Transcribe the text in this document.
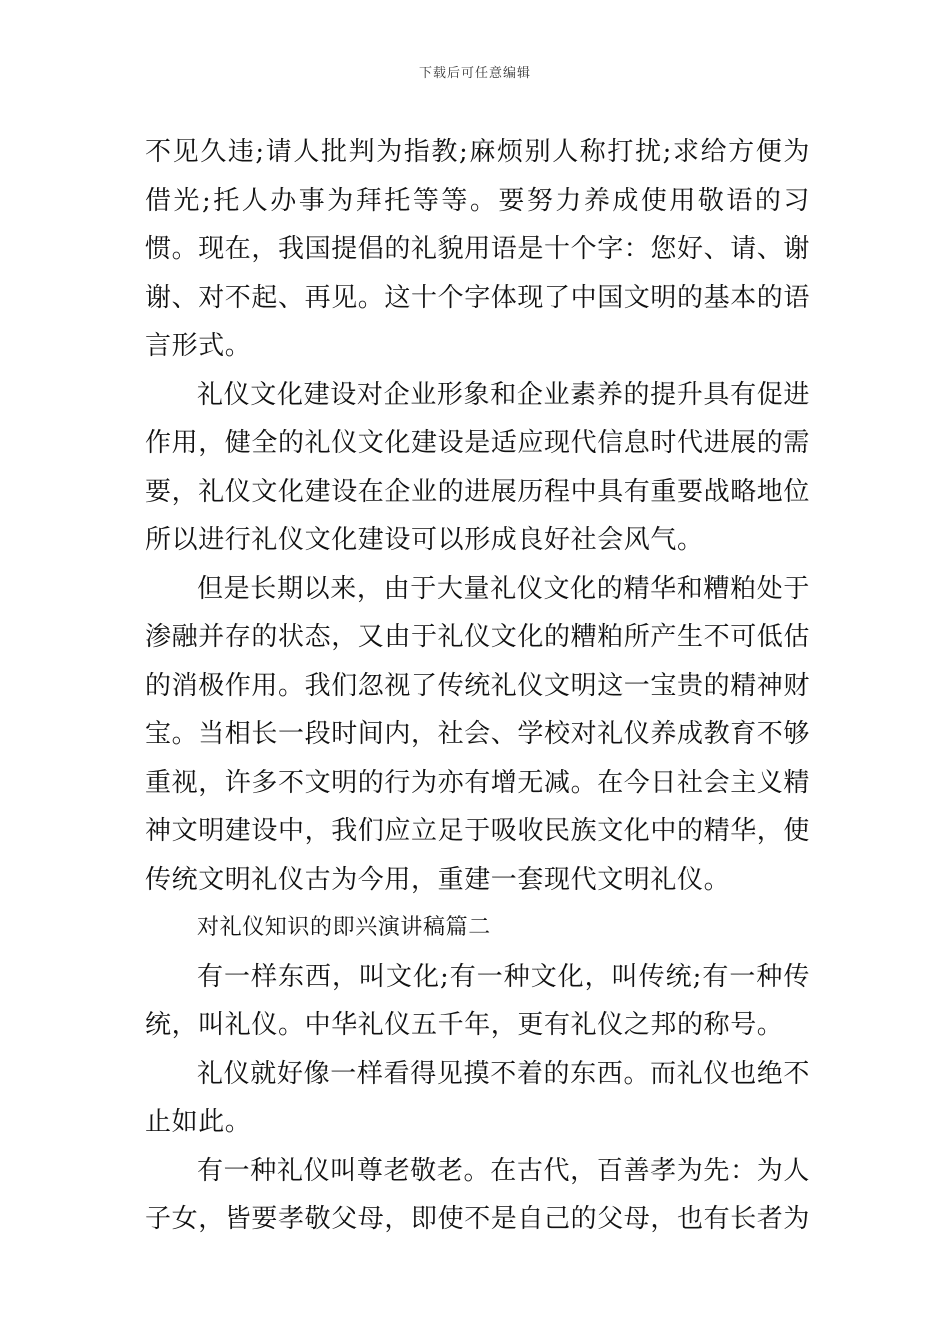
下载后可任意编辑

不见久违;请人批判为指教;麻烦别人称打扰;求给方便为借光;托人办事为拜托等等。要努力养成使用敬语的习惯。现在，我国提倡的礼貌用语是十个字：您好、请、谢谢、对不起、再见。这十个字体现了中国文明的基本的语言形式。

礼仪文化建设对企业形象和企业素养的提升具有促进作用，健全的礼仪文化建设是适应现代信息时代进展的需要，礼仪文化建设在企业的进展历程中具有重要战略地位所以进行礼仪文化建设可以形成良好社会风气。

但是长期以来，由于大量礼仪文化的精华和糟粕处于渗融并存的状态，又由于礼仪文化的糟粕所产生不可低估的消极作用。我们忽视了传统礼仪文明这一宝贵的精神财宝。当相长一段时间内，社会、学校对礼仪养成教育不够重视，许多不文明的行为亦有增无减。在今日社会主义精神文明建设中，我们应立足于吸收民族文化中的精华，使传统文明礼仪古为今用，重建一套现代文明礼仪。

对礼仪知识的即兴演讲稿篇二

有一样东西，叫文化;有一种文化，叫传统;有一种传统，叫礼仪。中华礼仪五千年，更有礼仪之邦的称号。

礼仪就好像一样看得见摸不着的东西。而礼仪也绝不止如此。

有一种礼仪叫尊老敬老。在古代，百善孝为先：为人子女，皆要孝敬父母，即使不是自己的父母，也有长者为
